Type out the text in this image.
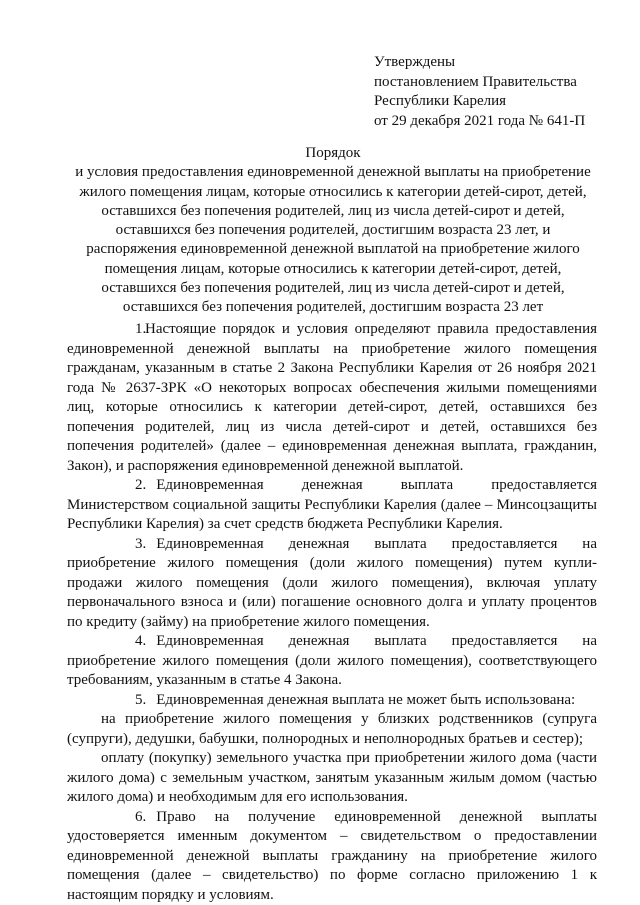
Утверждены
постановлением Правительства
Республики Карелия
от 29 декабря 2021 года № 641-П
Порядок
и условия предоставления единовременной денежной выплаты на приобретение
жилого помещения лицам, которые относились к категории детей-сирот, детей,
оставшихся без попечения родителей, лиц из числа детей-сирот и детей,
оставшихся без попечения родителей, достигшим возраста 23 лет, и
распоряжения единовременной денежной выплатой на приобретение жилого
помещения лицам, которые относились к категории детей-сирот, детей,
оставшихся без попечения родителей, лиц из числа детей-сирот и детей,
оставшихся без попечения родителей, достигшим возраста 23 лет

1.Настоящие порядок и условия определяют правила предоставления единовременной денежной выплаты на приобретение жилого помещения гражданам, указанным в статье 2 Закона Республики Карелия от 26 ноября 2021 года № 2637-ЗРК «О некоторых вопросах обеспечения жилыми помещениями лиц, которые относились к категории детей-сирот, детей, оставшихся без попечения родителей, лиц из числа детей-сирот и детей, оставшихся без попечения родителей» (далее – единовременная денежная выплата, гражданин, Закон), и распоряжения единовременной денежной выплатой.

2. Единовременная денежная выплата предоставляется Министерством социальной защиты Республики Карелия (далее – Минсоцзащиты Республики Карелия) за счет средств бюджета Республики Карелия.

3. Единовременная денежная выплата предоставляется на приобретение жилого помещения (доли жилого помещения) путем купли-продажи жилого помещения (доли жилого помещения), включая уплату первоначального взноса и (или) погашение основного долга и уплату процентов по кредиту (займу) на приобретение жилого помещения.

4. Единовременная денежная выплата предоставляется на приобретение жилого помещения (доли жилого помещения), соответствующего требованиям, указанным в статье 4 Закона.

5. Единовременная денежная выплата не может быть использована:

на приобретение жилого помещения у близких родственников (супруга (супруги), дедушки, бабушки, полнородных и неполнородных братьев и сестер);

оплату (покупку) земельного участка при приобретении жилого дома (части жилого дома) с земельным участком, занятым указанным жилым домом (частью жилого дома) и необходимым для его использования.

6. Право на получение единовременной денежной выплаты удостоверяется именным документом – свидетельством о предоставлении единовременной денежной выплаты гражданину на приобретение жилого помещения (далее – свидетельство) по форме согласно приложению 1 к настоящим порядку и условиям.
